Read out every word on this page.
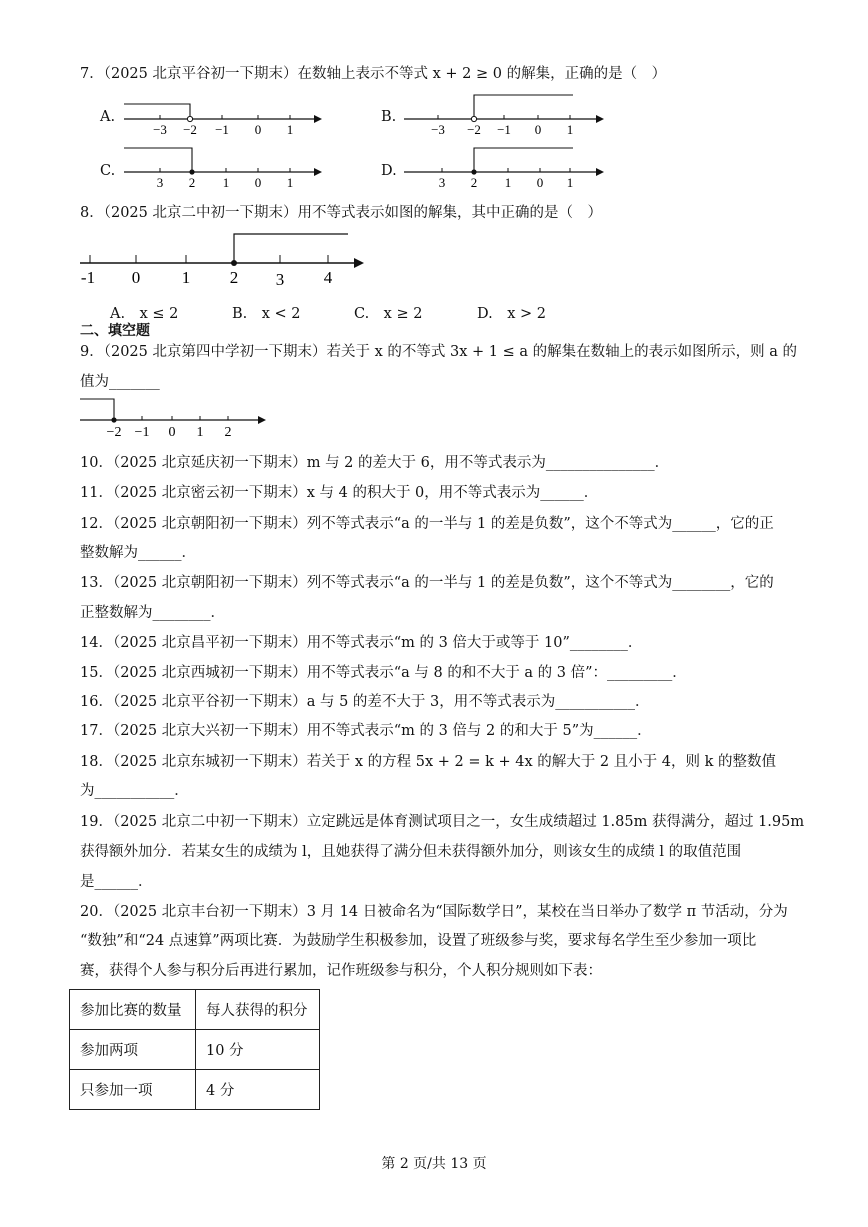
7．（2025 北京平谷初一下期末）在数轴上表示不等式 x + 2 ≥ 0 的解集，正确的是（　）
A.
−3 −2 −1 0 1
B.
−3 −2 −1 0 1
C.
3 2 1 0 1
D.
3 2 1 0 1
8．（2025 北京二中初一下期末）用不等式表示如图的解集，其中正确的是（　）
-1 0 1 2 3 4
A.　x ≤ 2	B.　x < 2	C.　x ≥ 2	D.　x > 2
二、填空题
9．（2025 北京第四中学初一下期末）若关于 x 的不等式 3x + 1 ≤ a 的解集在数轴上的表示如图所示，则 a 的
值为_______
−2 −1 0 1 2
10．（2025 北京延庆初一下期末）m 与 2 的差大于 6，用不等式表示为_______________．
11．（2025 北京密云初一下期末）x 与 4 的积大于 0，用不等式表示为______．
12．（2025 北京朝阳初一下期末）列不等式表示“a 的一半与 1 的差是负数”，这个不等式为______，它的正
整数解为______．
13．（2025 北京朝阳初一下期末）列不等式表示“a 的一半与 1 的差是负数”，这个不等式为________，它的
正整数解为________．
14．（2025 北京昌平初一下期末）用不等式表示“m 的 3 倍大于或等于 10”________．
15．（2025 北京西城初一下期末）用不等式表示“a 与 8 的和不大于 a 的 3 倍”：_________．
16．（2025 北京平谷初一下期末）a 与 5 的差不大于 3，用不等式表示为___________．
17．（2025 北京大兴初一下期末）用不等式表示“m 的 3 倍与 2 的和大于 5”为______．
18．（2025 北京东城初一下期末）若关于 x 的方程 5x + 2 = k + 4x 的解大于 2 且小于 4，则 k 的整数值
为___________．
19．（2025 北京二中初一下期末）立定跳远是体育测试项目之一，女生成绩超过 1.85m 获得满分，超过 1.95m
获得额外加分．若某女生的成绩为 l，且她获得了满分但未获得额外加分，则该女生的成绩 l 的取值范围
是______．
20．（2025 北京丰台初一下期末）3 月 14 日被命名为“国际数学日”，某校在当日举办了数学 π 节活动，分为
“数独”和“24 点速算”两项比赛．为鼓励学生积极参加，设置了班级参与奖，要求每名学生至少参加一项比
赛，获得个人参与积分后再进行累加，记作班级参与积分，个人积分规则如下表：
参加比赛的数量	每人获得的积分
参加两项	10 分
只参加一项	4 分
第 2 页/共 13 页
